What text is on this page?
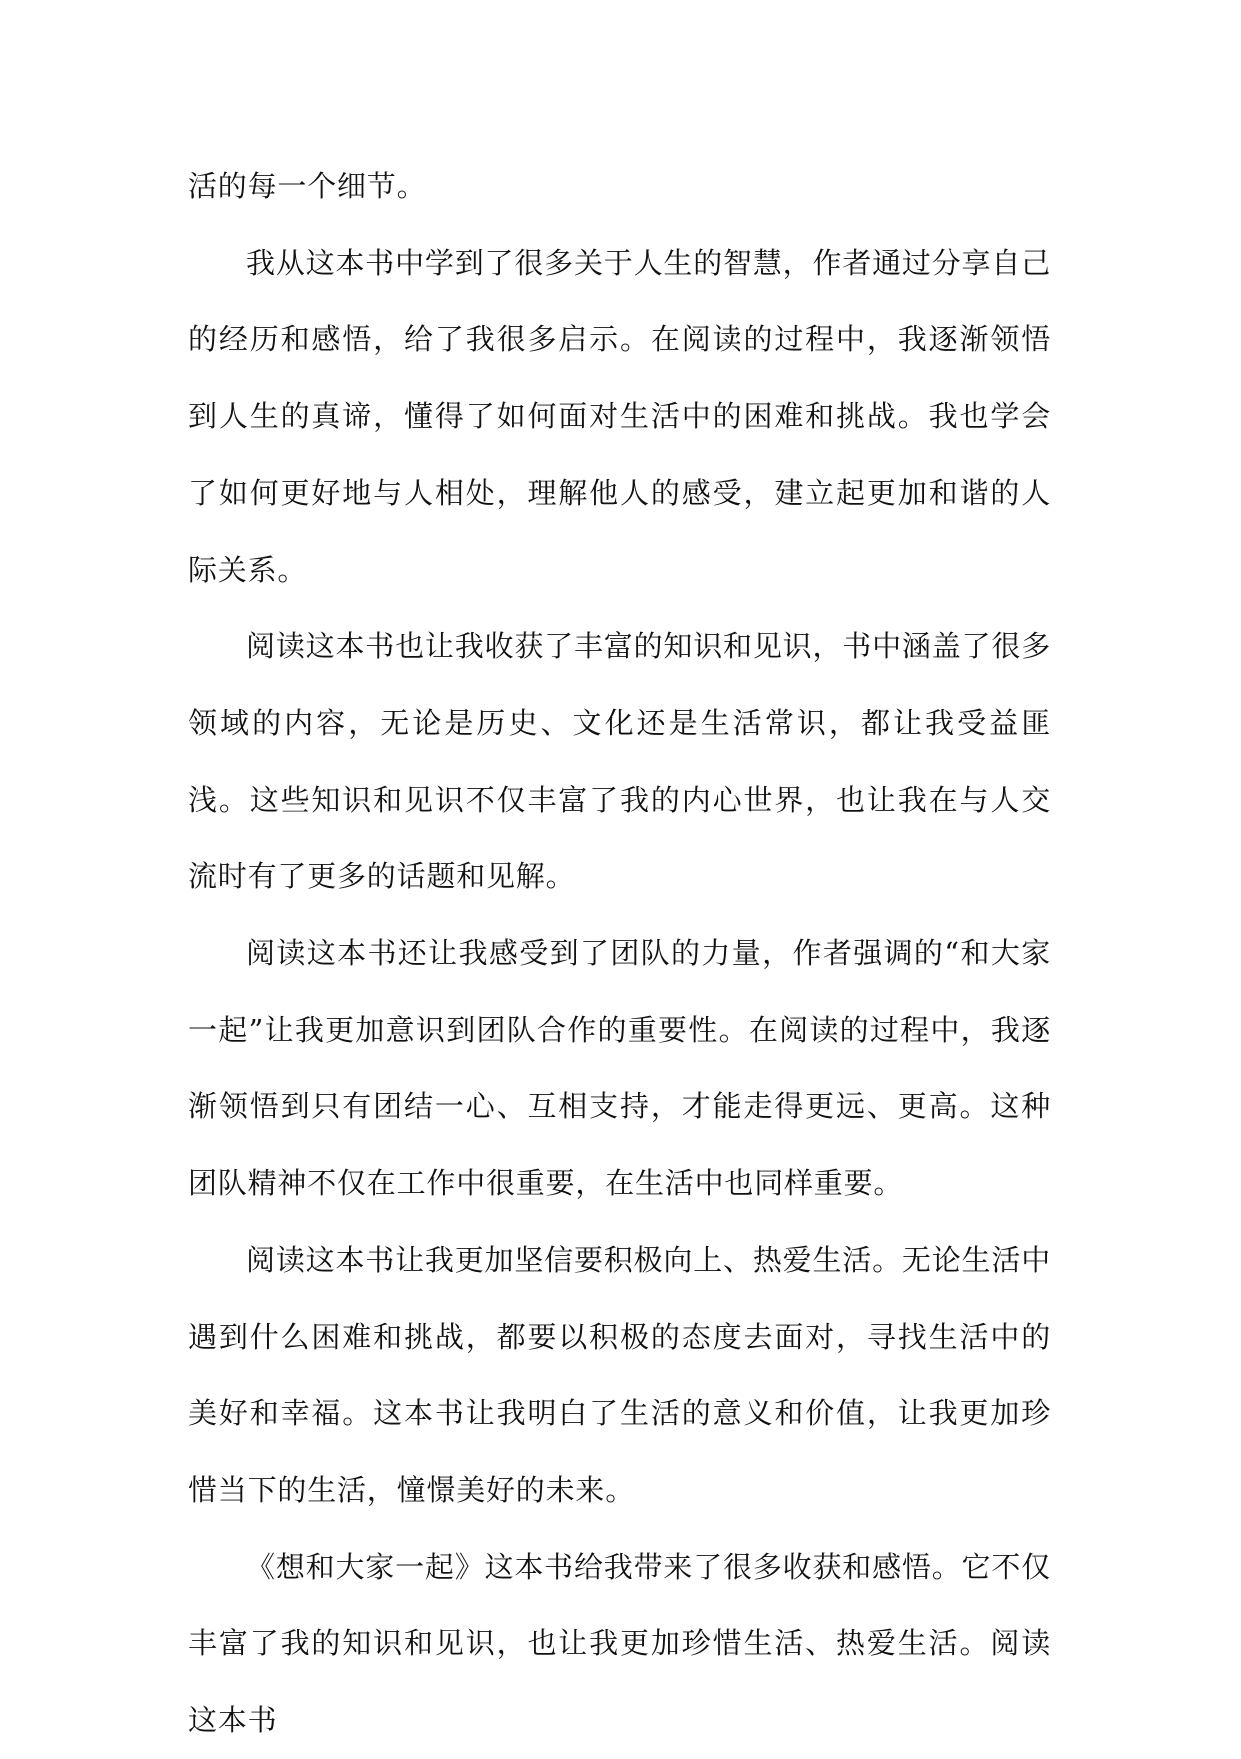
活的每一个细节。

我从这本书中学到了很多关于人生的智慧，作者通过分享自己的经历和感悟，给了我很多启示。在阅读的过程中，我逐渐领悟到人生的真谛，懂得了如何面对生活中的困难和挑战。我也学会了如何更好地与人相处，理解他人的感受，建立起更加和谐的人际关系。

阅读这本书也让我收获了丰富的知识和见识，书中涵盖了很多领域的内容，无论是历史、文化还是生活常识，都让我受益匪浅。这些知识和见识不仅丰富了我的内心世界，也让我在与人交流时有了更多的话题和见解。

阅读这本书还让我感受到了团队的力量，作者强调的“和大家一起”让我更加意识到团队合作的重要性。在阅读的过程中，我逐渐领悟到只有团结一心、互相支持，才能走得更远、更高。这种团队精神不仅在工作中很重要，在生活中也同样重要。

阅读这本书让我更加坚信要积极向上、热爱生活。无论生活中遇到什么困难和挑战，都要以积极的态度去面对，寻找生活中的美好和幸福。这本书让我明白了生活的意义和价值，让我更加珍惜当下的生活，憧憬美好的未来。

《想和大家一起》这本书给我带来了很多收获和感悟。它不仅丰富了我的知识和见识，也让我更加珍惜生活、热爱生活。阅读这本书
